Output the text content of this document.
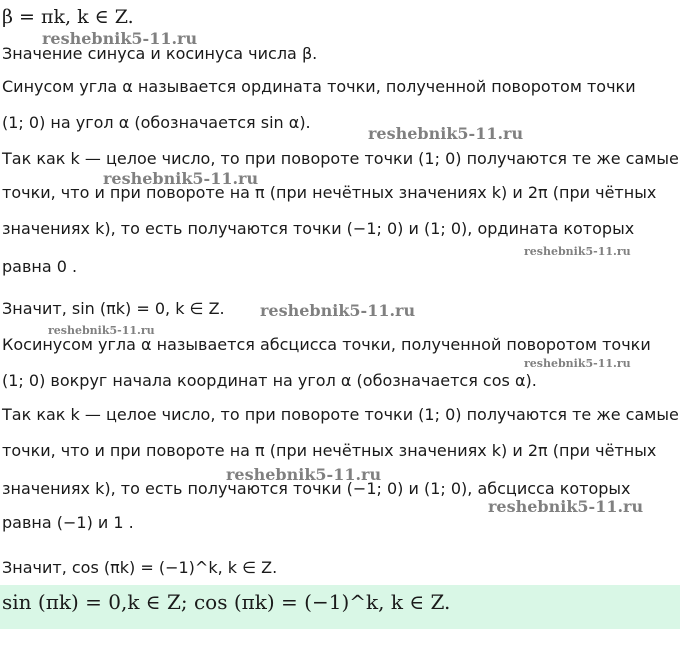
β = πk, k ∈ Z.
Значение синуса и косинуса числа β.
Синусом угла α называется ордината точки, полученной поворотом точки
(1; 0) на угол α (обозначается sin α).
Так как k — целое число, то при повороте точки (1; 0) получаются те же самые
точки, что и при повороте на π (при нечётных значениях k) и 2π (при чётных
значениях k), то есть получаются точки (−1; 0) и (1; 0), ордината которых
равна 0 .
Значит, sin (πk) = 0, k ∈ Z.
Косинусом угла α называется абсцисса точки, полученной поворотом точки
(1; 0) вокруг начала координат на угол α (обозначается cos α).
Так как k — целое число, то при повороте точки (1; 0) получаются те же самые
точки, что и при повороте на π (при нечётных значениях k) и 2π (при чётных
значениях k), то есть получаются точки (−1; 0) и (1; 0), абсцисса которых
равна (−1) и 1 .
Значит, cos (πk) = (−1)^k, k ∈ Z.
sin (πk) = 0,k ∈ Z; cos (πk) = (−1)^k, k ∈ Z.
reshebnik5-11.ru
reshebnik5-11.ru
reshebnik5-11.ru
reshebnik5-11.ru
reshebnik5-11.ru
reshebnik5-11.ru
reshebnik5-11.ru
reshebnik5-11.ru
reshebnik5-11.ru
